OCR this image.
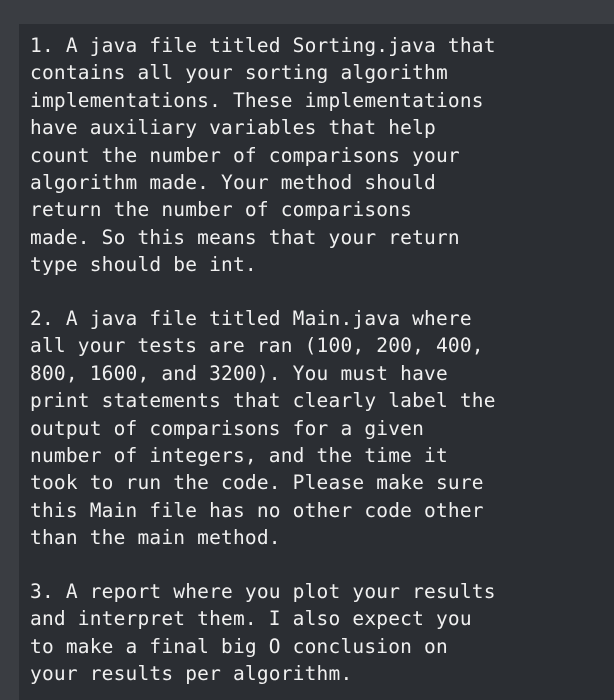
1. A java file titled Sorting.java that
contains all your sorting algorithm
implementations. These implementations
have auxiliary variables that help
count the number of comparisons your
algorithm made. Your method should
return the number of comparisons
made. So this means that your return
type should be int.

2. A java file titled Main.java where
all your tests are ran (100, 200, 400,
800, 1600, and 3200). You must have
print statements that clearly label the
output of comparisons for a given
number of integers, and the time it
took to run the code. Please make sure
this Main file has no other code other
than the main method.

3. A report where you plot your results
and interpret them. I also expect you
to make a final big O conclusion on
your results per algorithm.
